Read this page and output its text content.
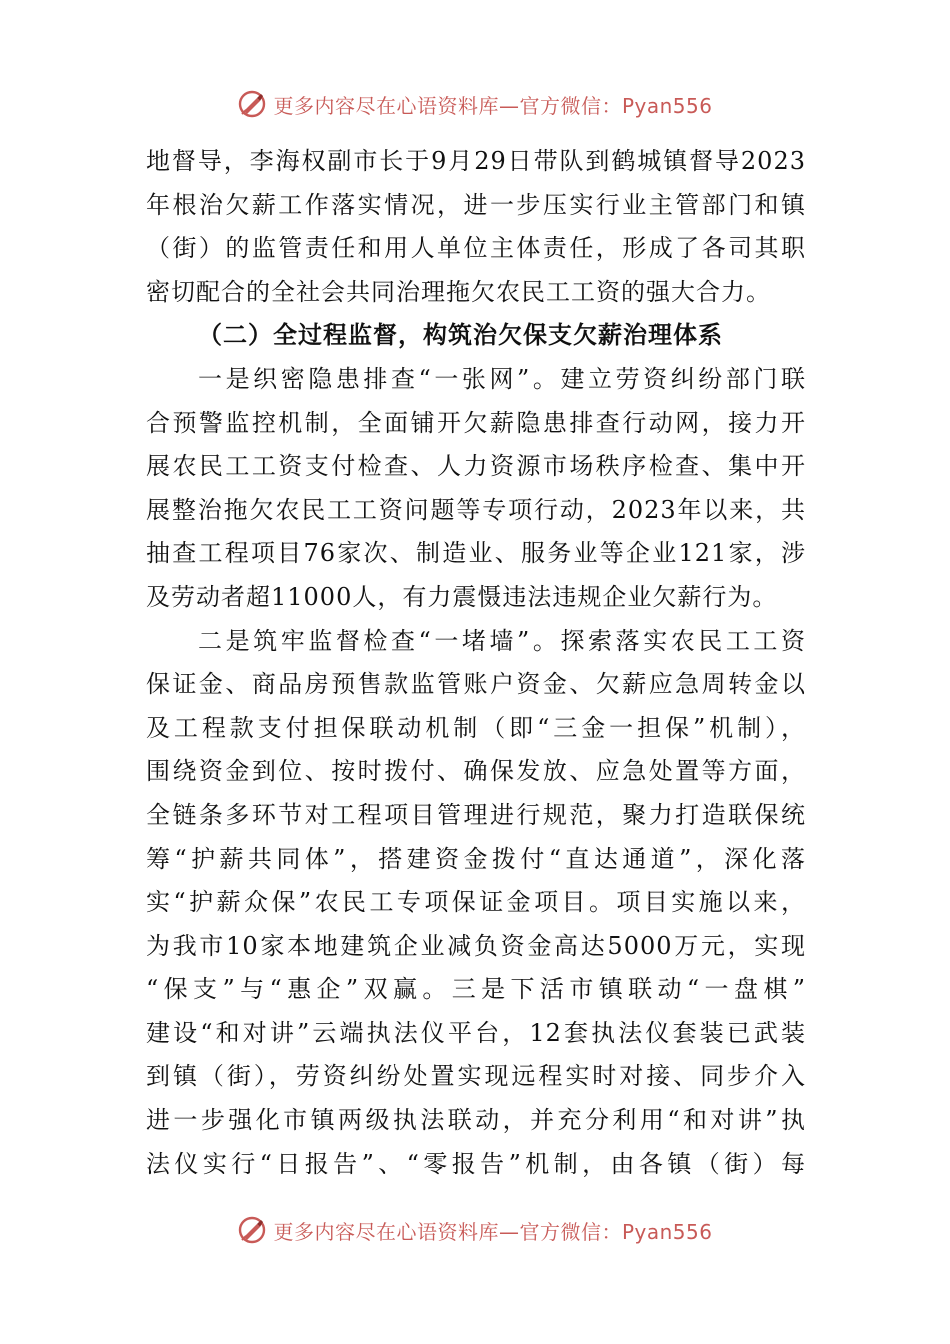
更多内容尽在心语资料库—官方微信：Pyan556
地督导，李海权副市长于9月29日带队到鹤城镇督导2023
年根治欠薪工作落实情况，进一步压实行业主管部门和镇
（街）的监管责任和用人单位主体责任，形成了各司其职
密切配合的全社会共同治理拖欠农民工工资的强大合力。
（二）全过程监督，构筑治欠保支欠薪治理体系
一是织密隐患排查“一张网”。建立劳资纠纷部门联
合预警监控机制，全面铺开欠薪隐患排查行动网，接力开
展农民工工资支付检查、人力资源市场秩序检查、集中开
展整治拖欠农民工工资问题等专项行动，2023年以来，共
抽查工程项目76家次、制造业、服务业等企业121家，涉
及劳动者超11000人，有力震慑违法违规企业欠薪行为。
二是筑牢监督检查“一堵墙”。探索落实农民工工资
保证金、商品房预售款监管账户资金、欠薪应急周转金以
及工程款支付担保联动机制（即“三金一担保”机制），
围绕资金到位、按时拨付、确保发放、应急处置等方面，
全链条多环节对工程项目管理进行规范，聚力打造联保统
筹“护薪共同体”，搭建资金拨付“直达通道”，深化落
实“护薪众保”农民工专项保证金项目。项目实施以来，
为我市10家本地建筑企业减负资金高达5000万元，实现
“保支”与“惠企”双赢。三是下活市镇联动“一盘棋”
建设“和对讲”云端执法仪平台，12套执法仪套装已武装
到镇（街），劳资纠纷处置实现远程实时对接、同步介入
进一步强化市镇两级执法联动，并充分利用“和对讲”执
法仪实行“日报告”、“零报告”机制，由各镇（街）每
更多内容尽在心语资料库—官方微信：Pyan556
